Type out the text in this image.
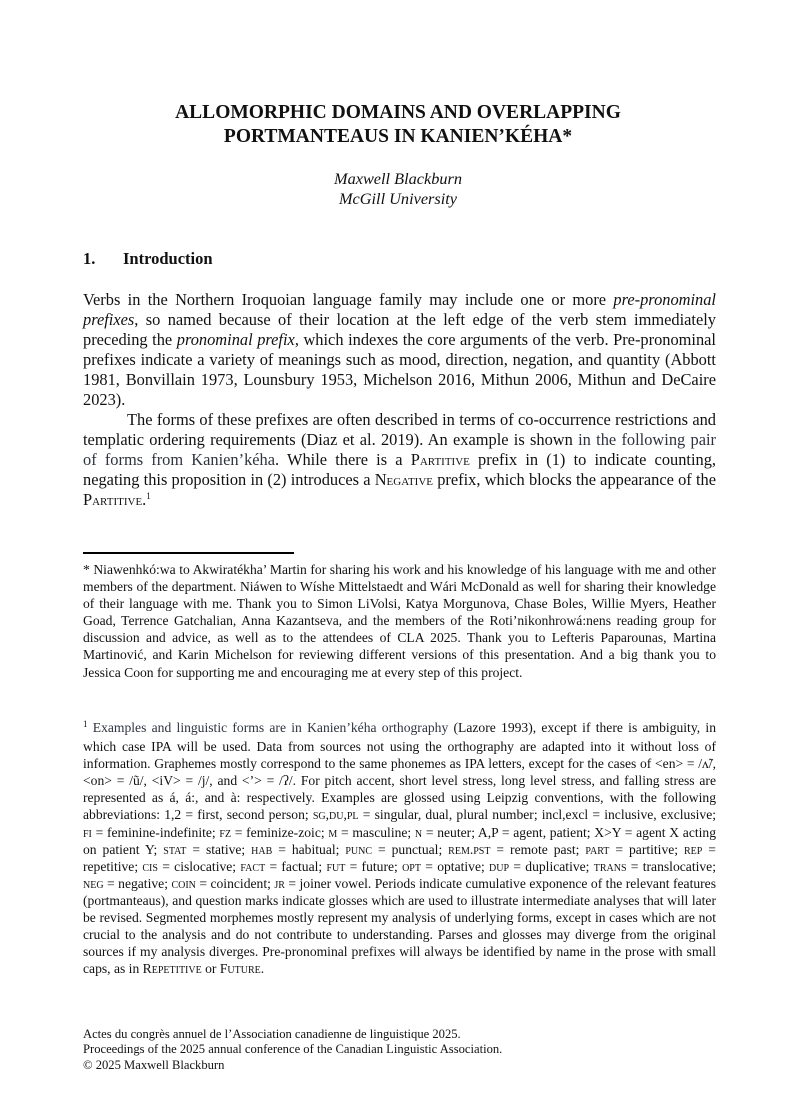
ALLOMORPHIC DOMAINS AND OVERLAPPING
PORTMANTEAUS IN KANIEN’KÉHA*
Maxwell Blackburn
McGill University
1. Introduction
Verbs in the Northern Iroquoian language family may include one or more pre-pronominal prefixes, so named because of their location at the left edge of the verb stem immediately preceding the pronominal prefix, which indexes the core arguments of the verb. Pre-pronominal prefixes indicate a variety of meanings such as mood, direction, negation, and quantity (Abbott 1981, Bonvillain 1973, Lounsbury 1953, Michelson 2016, Mithun 2006, Mithun and DeCaire 2023).
The forms of these prefixes are often described in terms of co-occurrence restrictions and templatic ordering requirements (Diaz et al. 2019). An example is shown in the following pair of forms from Kanien’kéha. While there is a Partitive prefix in (1) to indicate counting, negating this proposition in (2) introduces a Negative prefix, which blocks the appearance of the Partitive.$^1$
* Niawenhkó:wa to Akwiratékha’ Martin for sharing his work and his knowledge of his language with me and other members of the department. Niáwen to Wíshe Mittelstaedt and Wári McDonald as well for sharing their knowledge of their language with me. Thank you to Simon LiVolsi, Katya Morgunova, Chase Boles, Willie Myers, Heather Goad, Terrence Gatchalian, Anna Kazantseva, and the members of the Roti’nikonhrowá:nens reading group for discussion and advice, as well as to the attendees of CLA 2025. Thank you to Lefteris Paparounas, Martina Martinović, and Karin Michelson for reviewing different versions of this presentation. And a big thank you to Jessica Coon for supporting me and encouraging me at every step of this project.
$^1$ Examples and linguistic forms are in Kanien’kéha orthography (Lazore 1993), except if there is ambiguity, in which case IPA will be used. Data from sources not using the orthography are adapted into it without loss of information. Graphemes mostly correspond to the same phonemes as IPA letters, except for the cases of <en> = /ʌ̃/, <on> = /ũ/, <iV> = /j/, and <’> = /ʔ/. For pitch accent, short level stress, long level stress, and falling stress are represented as á, á:, and à: respectively. Examples are glossed using Leipzig conventions, with the following abbreviations: 1,2 = first, second person; sg,du,pl = singular, dual, plural number; incl,excl = inclusive, exclusive; fi = feminine-indefinite; fz = feminize-zoic; m = masculine; n = neuter; A,P = agent, patient; X>Y = agent X acting on patient Y; stat = stative; hab = habitual; punc = punctual; rem.pst = remote past; part = partitive; rep = repetitive; cis = cislocative; fact = factual; fut = future; opt = optative; dup = duplicative; trans = translocative; neg = negative; coin = coincident; jr = joiner vowel. Periods indicate cumulative exponence of the relevant features (portmanteaus), and question marks indicate glosses which are used to illustrate intermediate analyses that will later be revised. Segmented morphemes mostly represent my analysis of underlying forms, except in cases which are not crucial to the analysis and do not contribute to understanding. Parses and glosses may diverge from the original sources if my analysis diverges. Pre-pronominal prefixes will always be identified by name in the prose with small caps, as in Repetitive or Future.
Actes du congrès annuel de l’Association canadienne de linguistique 2025.
Proceedings of the 2025 annual conference of the Canadian Linguistic Association.
© 2025 Maxwell Blackburn
